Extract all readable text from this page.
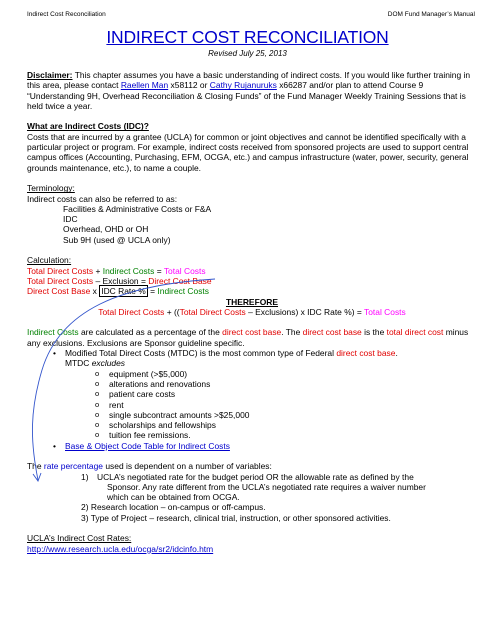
Indirect Cost Reconciliation	DOM Fund Manager’s Manual
INDIRECT COST RECONCILIATION
Revised July 25, 2013

Disclaimer: This chapter assumes you have a basic understanding of indirect costs. If you would like further training in this area, please contact Raellen Man x58112 or Cathy Rujanuruks x66287 and/or plan to attend Course 9 “Understanding 9H, Overhead Reconciliation & Closing Funds” of the Fund Manager Weekly Training Sessions that is held twice a year.

What are Indirect Costs (IDC)?

Costs that are incurred by a grantee (UCLA) for common or joint objectives and cannot be identified specifically with a particular project or program. For example, indirect costs received from sponsored projects are used to support central campus offices (Accounting, Purchasing, EFM, OCGA, etc.) and campus infrastructure (water, power, security, general grounds maintenance, etc.), to name a couple.

Terminology:

Indirect costs can also be referred to as:

Facilities & Administrative Costs or F&A

IDC

Overhead, OHD or OH

Sub 9H (used @ UCLA only)

Calculation:

Total Direct Costs + Indirect Costs = Total Costs

Total Direct Costs – Exclusion = Direct Cost Base

Direct Cost Base x IDC Rate % = Indirect Costs

THEREFORE

Total Direct Costs + ((Total Direct Costs – Exclusions) x IDC Rate %) = Total Costs

Indirect Costs are calculated as a percentage of the direct cost base. The direct cost base is the total direct cost minus any exclusions. Exclusions are Sponsor guideline specific.

• Modified Total Direct Costs (MTDC) is the most common type of Federal direct cost base.
MTDC excludes
o equipment (>$5,000)
o alterations and renovations
o patient care costs
o rent
o single subcontract amounts >$25,000
o scholarships and fellowships
o tuition fee remissions.
• Base & Object Code Table for Indirect Costs

The rate percentage used is dependent on a number of variables:

1) UCLA’s negotiated rate for the budget period OR the allowable rate as defined by the

Sponsor. Any rate different from the UCLA’s negotiated rate requires a waiver number

which can be obtained from OCGA.

2) Research location – on-campus or off-campus.

3) Type of Project – research, clinical trial, instruction, or other sponsored activities.

UCLA’s Indirect Cost Rates:

http://www.research.ucla.edu/ocga/sr2/idcinfo.htm
